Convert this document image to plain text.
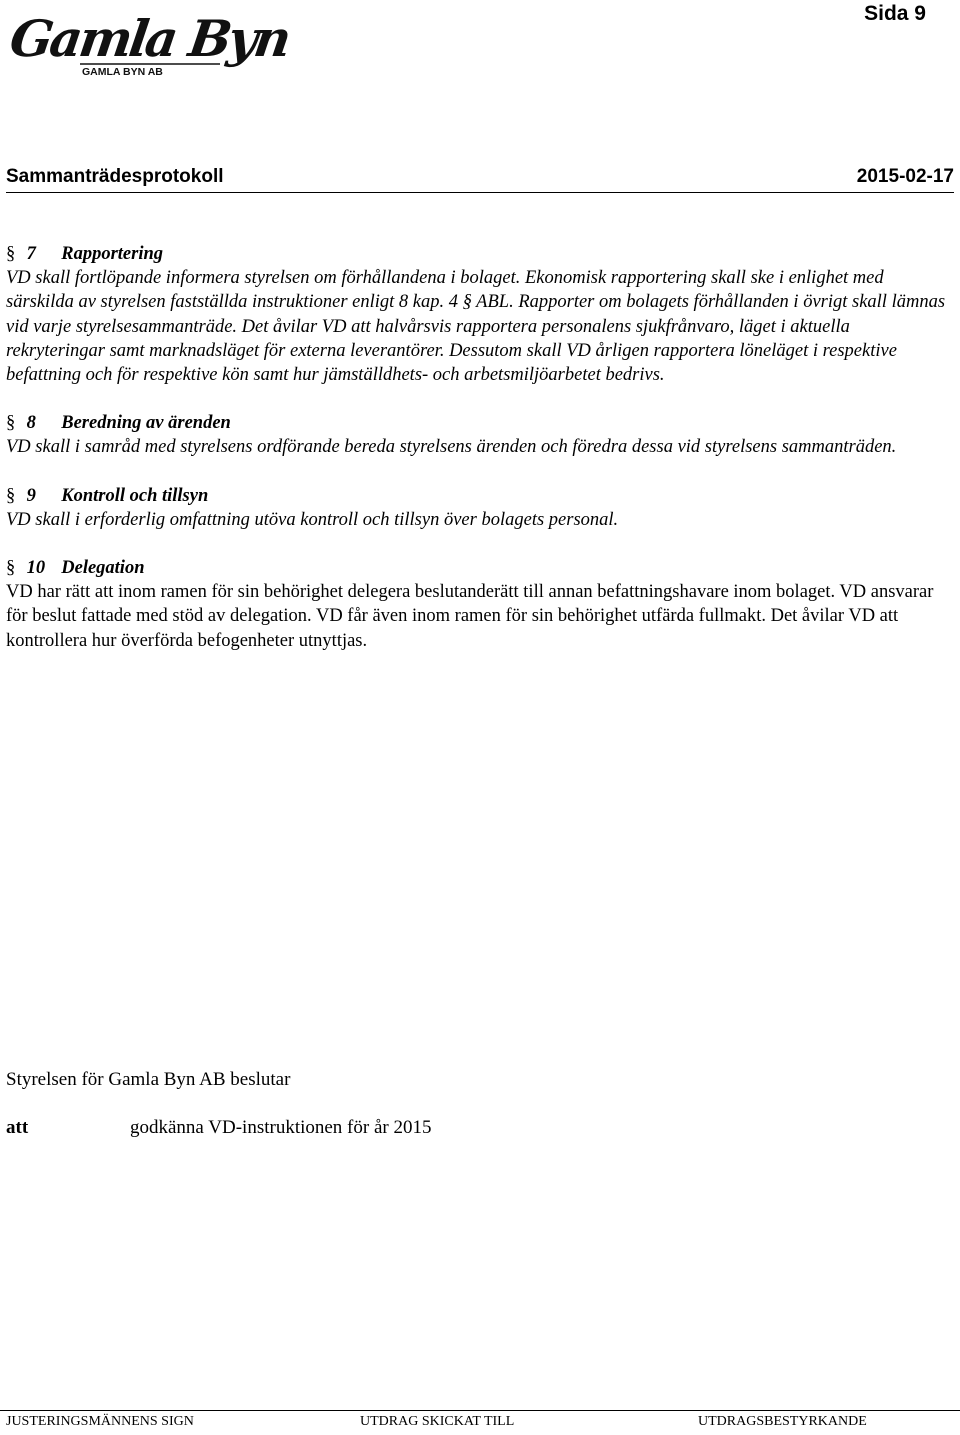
Gamla Byn
GAMLA BYN AB
Sida 9
Sammanträdesprotokoll	2015-02-17
§ 7 Rapportering

VD skall fortlöpande informera styrelsen om förhållandena i bolaget. Ekonomisk rapportering skall ske i enlighet med särskilda av styrelsen fastställda instruktioner enligt 8 kap. 4 § ABL. Rapporter om bolagets förhållanden i övrigt skall lämnas vid varje styrelsesammanträde. Det åvilar VD att halvårsvis rapportera personalens sjukfrånvaro, läget i aktuella rekryteringar samt marknadsläget för externa leverantörer. Dessutom skall VD årligen rapportera löneläget i respektive befattning och för respektive kön samt hur jämställdhets- och arbetsmiljöarbetet bedrivs.

§ 8 Beredning av ärenden

VD skall i samråd med styrelsens ordförande bereda styrelsens ärenden och föredra dessa vid styrelsens sammanträden.

§ 9 Kontroll och tillsyn

VD skall i erforderlig omfattning utöva kontroll och tillsyn över bolagets personal.

§ 10 Delegation

VD har rätt att inom ramen för sin behörighet delegera beslutanderätt till annan befattningshavare inom bolaget. VD ansvarar för beslut fattade med stöd av delegation. VD får även inom ramen för sin behörighet utfärda fullmakt. Det åvilar VD att kontrollera hur överförda befogenheter utnyttjas.

Styrelsen för Gamla Byn AB beslutar
att	godkänna VD-instruktionen för år 2015
JUSTERINGSMÄNNENS SIGN	UTDRAG SKICKAT TILL	UTDRAGSBESTYRKANDE
